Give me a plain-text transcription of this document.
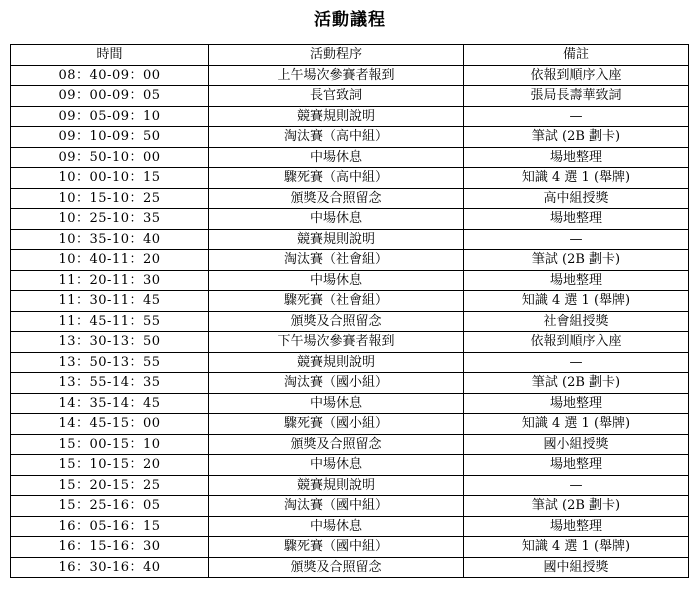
活動議程
時間	活動程序	備註
08：40-09：00	上午場次參賽者報到	依報到順序入座
09：00-09：05	長官致詞	張局長壽華致詞
09：05-09：10	競賽規則說明	—
09：10-09：50	淘汰賽（高中組）	筆試 (2B 劃卡)
09：50-10：00	中場休息	場地整理
10：00-10：15	驟死賽（高中組）	知識 4 選 1 (舉牌)
10：15-10：25	頒獎及合照留念	高中組授獎
10：25-10：35	中場休息	場地整理
10：35-10：40	競賽規則說明	—
10：40-11：20	淘汰賽（社會組）	筆試 (2B 劃卡)
11：20-11：30	中場休息	場地整理
11：30-11：45	驟死賽（社會組）	知識 4 選 1 (舉牌)
11：45-11：55	頒獎及合照留念	社會組授獎
13：30-13：50	下午場次參賽者報到	依報到順序入座
13：50-13：55	競賽規則說明	—
13：55-14：35	淘汰賽（國小組）	筆試 (2B 劃卡)
14：35-14：45	中場休息	場地整理
14：45-15：00	驟死賽（國小組）	知識 4 選 1 (舉牌)
15：00-15：10	頒獎及合照留念	國小組授獎
15：10-15：20	中場休息	場地整理
15：20-15：25	競賽規則說明	—
15：25-16：05	淘汰賽（國中組）	筆試 (2B 劃卡)
16：05-16：15	中場休息	場地整理
16：15-16：30	驟死賽（國中組）	知識 4 選 1 (舉牌)
16：30-16：40	頒獎及合照留念	國中組授獎
